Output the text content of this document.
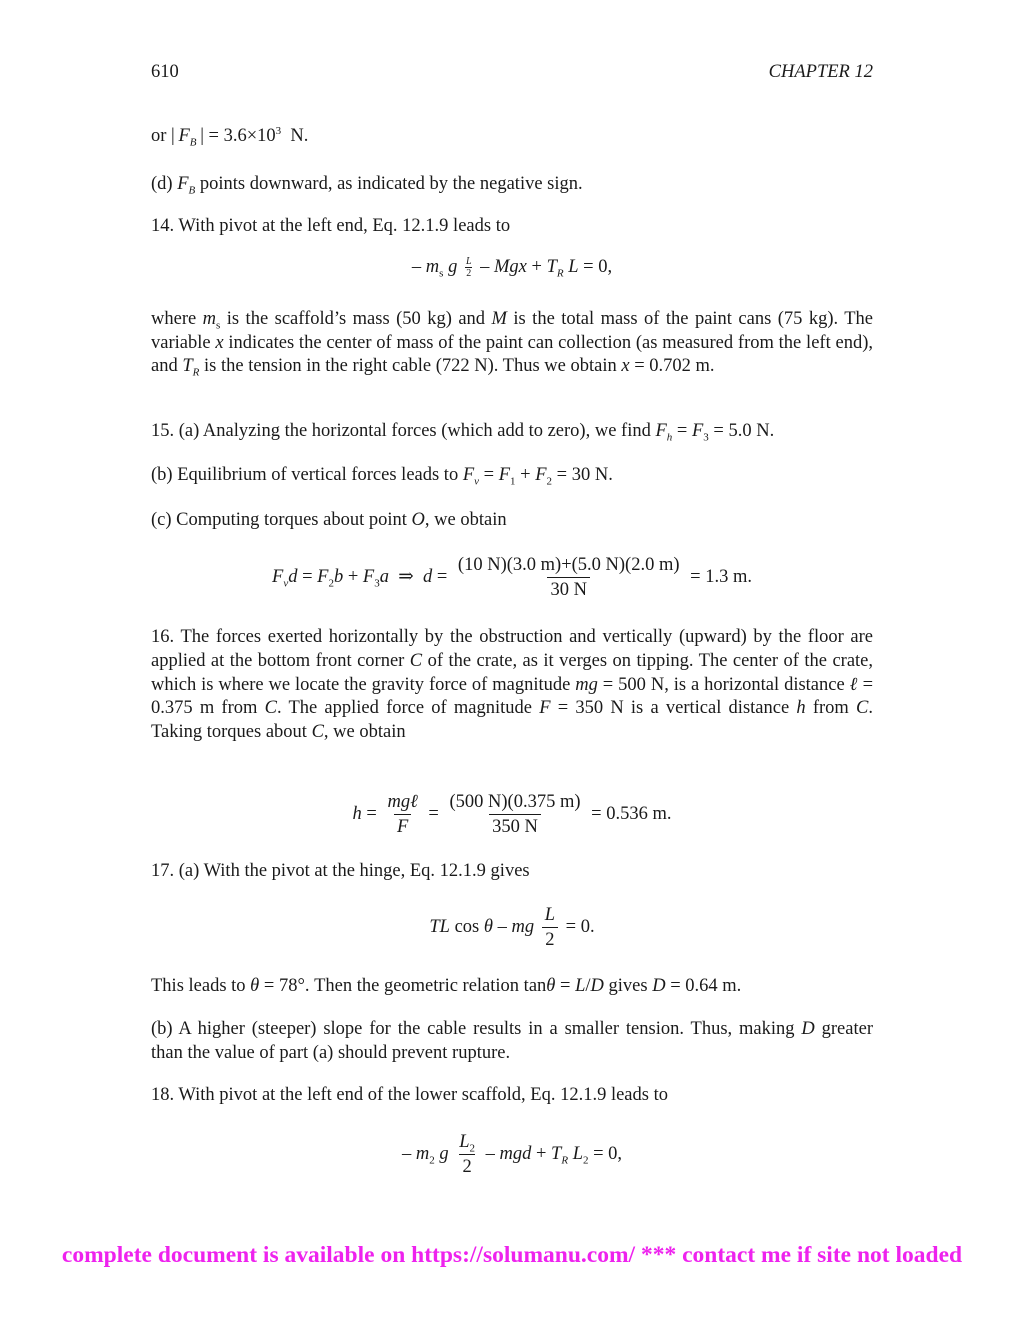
610	CHAPTER 12
or | $F_B$ | = $3.6\times 10^3$  N.
(d) $F_B$ points downward, as indicated by the negative sign.
14. With pivot at the left end, Eq. 12.1.9 leads to
– $m_s$ g $\frac{L}{2}$ – Mgx + $T_R$ L = 0,
where $m_s$ is the scaffold’s mass (50 kg) and M is the total mass of the paint cans (75 kg). The variable x indicates the center of mass of the paint can collection (as measured from the left end), and $T_R$ is the tension in the right cable (722 N). Thus we obtain x = 0.702 m.
15. (a) Analyzing the horizontal forces (which add to zero), we find $F_h = F_3 = 5.0$ N.
(b) Equilibrium of vertical forces leads to $F_v = F_1 + F_2 = 30$ N.
(c) Computing torques about point O, we obtain
$F_vd = F_2b + F_3a$  ⇒  $d = \frac{(10 N)(3.0 m)+(5.0 N)(2.0 m)}{30 N} = 1.3$ m.
16. The forces exerted horizontally by the obstruction and vertically (upward) by the floor are applied at the bottom front corner C of the crate, as it verges on tipping. The center of the crate, which is where we locate the gravity force of magnitude mg = 500 N, is a horizontal distance ℓ = 0.375 m from C. The applied force of magnitude F = 350 N is a vertical distance h from C. Taking torques about C, we obtain
$h = \frac{\text{mgℓ}}{F} = \frac{(500 N)(0.375 m)}{350 N} = 0.536$ m.
17. (a) With the pivot at the hinge, Eq. 12.1.9 gives
TL cos θ – mg $\frac{L}{2} = 0$.
This leads to θ = 78°. Then the geometric relation tanθ = L/D gives D = 0.64 m.
(b) A higher (steeper) slope for the cable results in a smaller tension. Thus, making D greater than the value of part (a) should prevent rupture.
18. With pivot at the left end of the lower scaffold, Eq. 12.1.9 leads to
– $m_2$ g $\frac{L_2}{2}$ – mgd + $T_R$ $L_2 = 0$,
complete document is available on https://solumanu.com/ *** contact me if site not loaded
